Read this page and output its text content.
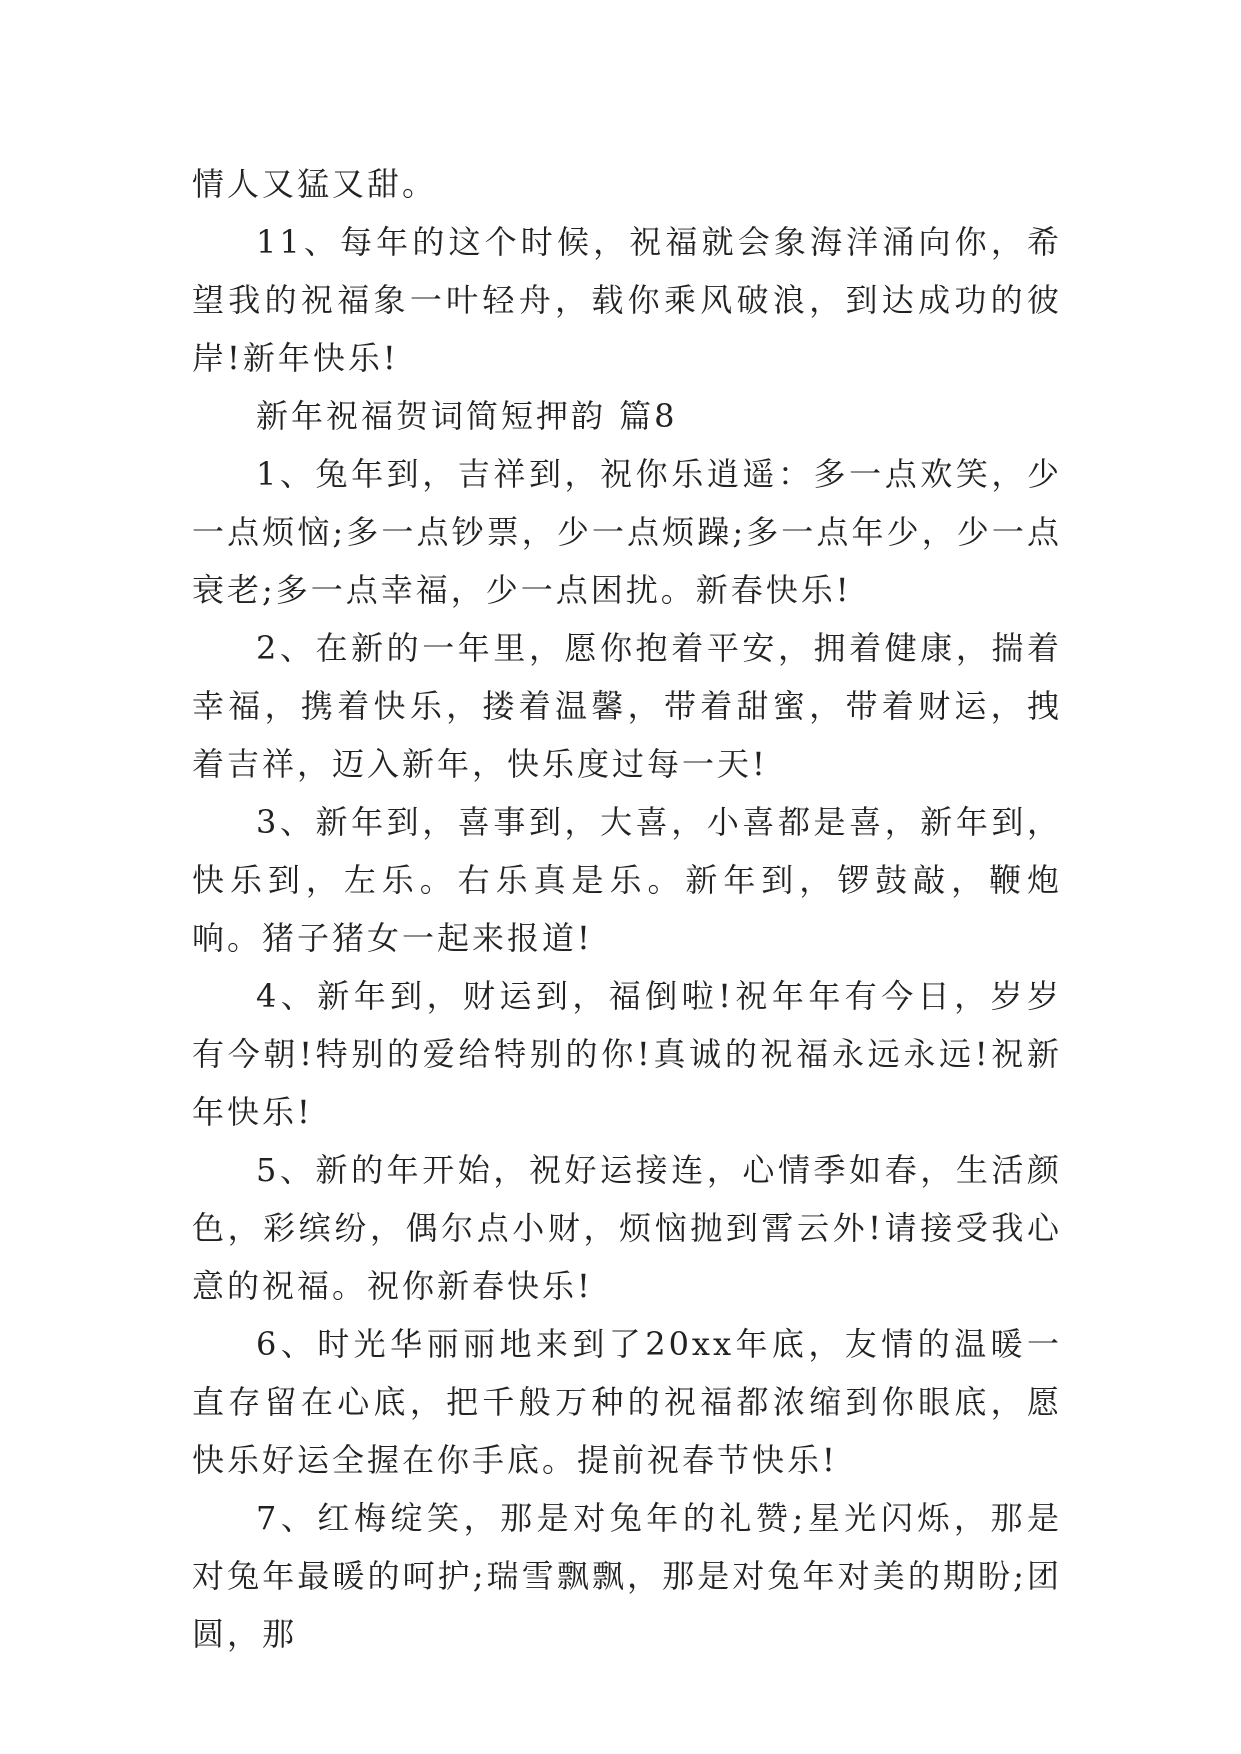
情人又猛又甜。

11、每年的这个时候，祝福就会象海洋涌向你，希望我的祝福象一叶轻舟，载你乘风破浪，到达成功的彼岸!新年快乐!

新年祝福贺词简短押韵 篇8

1、兔年到，吉祥到，祝你乐逍遥：多一点欢笑，少一点烦恼;多一点钞票，少一点烦躁;多一点年少，少一点衰老;多一点幸福，少一点困扰。新春快乐!

2、在新的一年里，愿你抱着平安，拥着健康，揣着幸福，携着快乐，搂着温馨，带着甜蜜，带着财运，拽着吉祥，迈入新年，快乐度过每一天!

3、新年到，喜事到，大喜，小喜都是喜，新年到，快乐到，左乐。右乐真是乐。新年到，锣鼓敲，鞭炮响。猪子猪女一起来报道!

4、新年到，财运到，福倒啦!祝年年有今日，岁岁有今朝!特别的爱给特别的你!真诚的祝福永远永远!祝新年快乐!

5、新的年开始，祝好运接连，心情季如春，生活颜色，彩缤纷，偶尔点小财，烦恼抛到霄云外!请接受我心意的祝福。祝你新春快乐!

6、时光华丽丽地来到了20xx年底，友情的温暖一直存留在心底，把千般万种的祝福都浓缩到你眼底，愿快乐好运全握在你手底。提前祝春节快乐!

7、红梅绽笑，那是对兔年的礼赞;星光闪烁，那是对兔年最暖的呵护;瑞雪飘飘，那是对兔年对美的期盼;团圆，那
